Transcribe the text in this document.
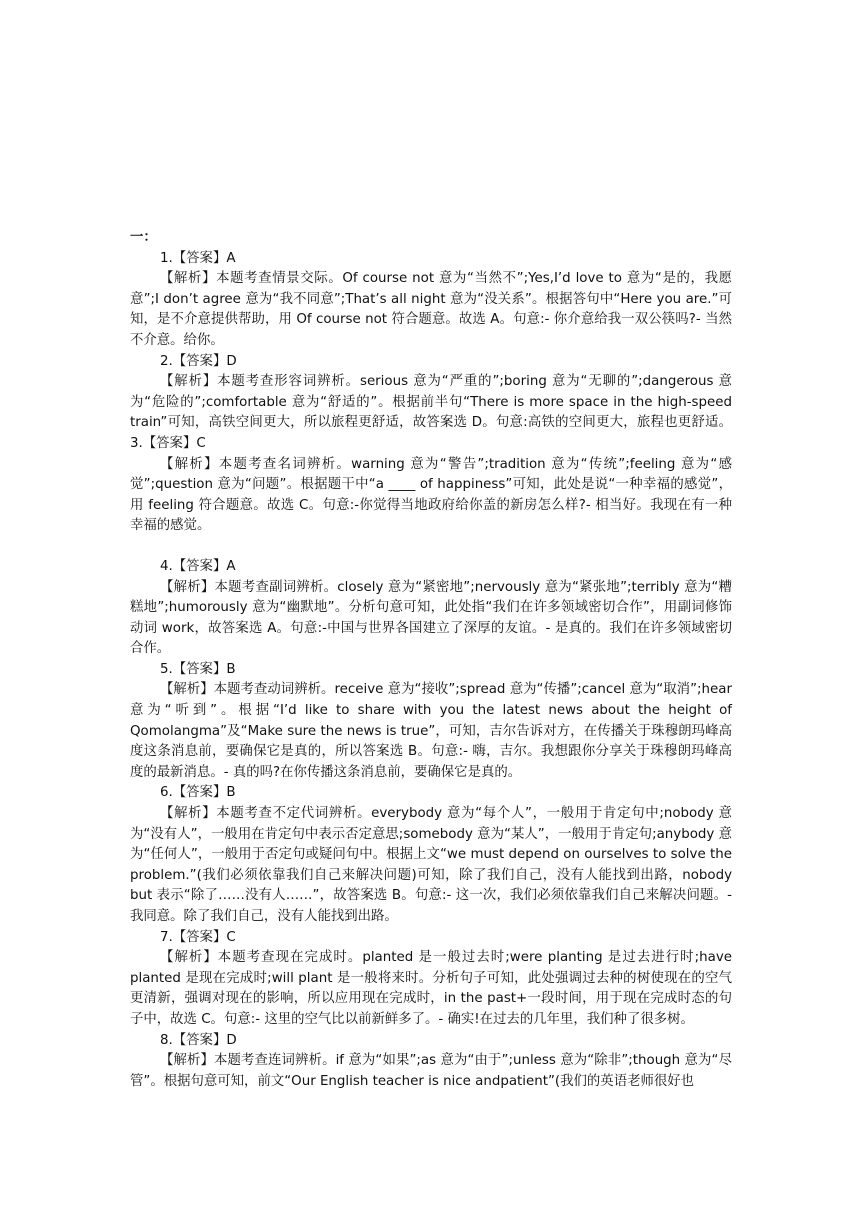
一：
1.【答案】A
【解析】本题考查情景交际。Of course not 意为“当然不”;Yes,I’d love to 意为“是的，我愿意”;I don’t agree 意为“我不同意”;That’s all night 意为“没关系”。根据答句中“Here you are.”可知，是不介意提供帮助，用 Of course not 符合题意。故选 A。句意:- 你介意给我一双公筷吗?- 当然不介意。给你。
2.【答案】D
【解析】本题考查形容词辨析。serious 意为“严重的”;boring 意为“无聊的”;dangerous 意为“危险的”;comfortable 意为“舒适的”。根据前半句“There is more space in the high-speed train”可知，高铁空间更大，所以旅程更舒适，故答案选 D。句意:高铁的空间更大，旅程也更舒适。3.【答案】C
【解析】本题考查名词辨析。warning 意为“警告”;tradition 意为“传统”;feeling 意为“感觉”;question 意为“问题”。根据题干中“a ____ of happiness”可知，此处是说“一种幸福的感觉”，用 feeling 符合题意。故选 C。句意:-你觉得当地政府给你盖的新房怎么样?- 相当好。我现在有一种幸福的感觉。
4.【答案】A
【解析】本题考查副词辨析。closely 意为“紧密地”;nervously 意为“紧张地”;terribly 意为“糟糕地”;humorously 意为“幽默地”。分析句意可知，此处指“我们在许多领域密切合作”，用副词修饰动词 work，故答案选 A。句意:-中国与世界各国建立了深厚的友谊。- 是真的。我们在许多领域密切合作。
5.【答案】B
【解析】本题考查动词辨析。receive 意为“接收”;spread 意为“传播”;cancel 意为“取消”;hear 意为“听到”。根据“I’d like to share with you the latest news about the height of Qomolangma”及“Make sure the news is true”，可知，吉尔告诉对方，在传播关于珠穆朗玛峰高度这条消息前，要确保它是真的，所以答案选 B。句意:- 嗨，吉尔。我想跟你分享关于珠穆朗玛峰高度的最新消息。- 真的吗?在你传播这条消息前，要确保它是真的。
6.【答案】B
【解析】本题考查不定代词辨析。everybody 意为“每个人”，一般用于肯定句中;nobody 意为“没有人”，一般用在肯定句中表示否定意思;somebody 意为“某人”，一般用于肯定句;anybody 意为“任何人”，一般用于否定句或疑问句中。根据上文“we must depend on ourselves to solve the problem.”(我们必须依靠我们自己来解决问题)可知，除了我们自己，没有人能找到出路，nobody but 表示“除了……没有人……”，故答案选 B。句意:- 这一次，我们必须依靠我们自己来解决问题。- 我同意。除了我们自己，没有人能找到出路。
7.【答案】C
【解析】本题考查现在完成时。planted 是一般过去时;were planting 是过去进行时;have planted 是现在完成时;will plant 是一般将来时。分析句子可知，此处强调过去种的树使现在的空气更清新，强调对现在的影响，所以应用现在完成时，in the past+一段时间，用于现在完成时态的句子中，故选 C。句意:- 这里的空气比以前新鲜多了。- 确实!在过去的几年里，我们种了很多树。
8.【答案】D
【解析】本题考查连词辨析。if 意为“如果”;as 意为“由于”;unless 意为“除非”;though 意为“尽管”。根据句意可知，前文“Our English teacher is nice andpatient”(我们的英语老师很好也
